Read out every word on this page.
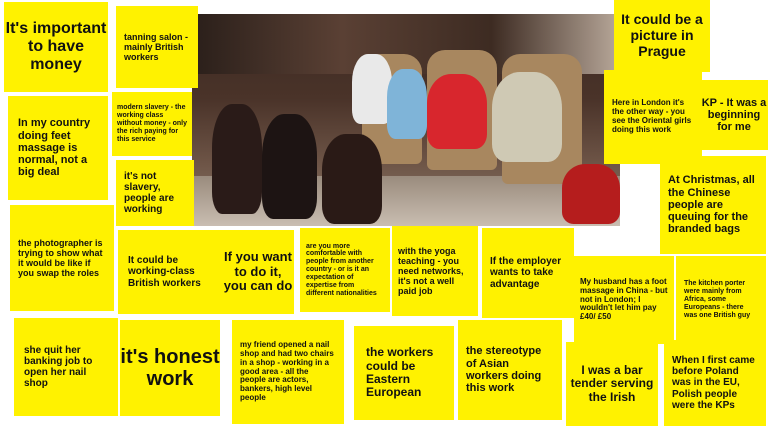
It's important to have money
tanning salon - mainly British workers
It could be a picture in Prague
In my country doing feet massage is normal, not a big deal
modern slavery - the working class without money - only the rich paying for this service
it's not slavery, people are working
Here in London it's the other way - you see the Oriental girls doing this work
KP - It was a beginning for me
At Christmas, all the Chinese people are queuing for the branded bags
the photographer is trying to show what it would be like if you swap the roles
It could be working-class British workers
If you want to do it, you can do
are you more comfortable with people from another country - or is it an expectation of expertise from different nationalities
with the yoga teaching - you need networks, it's not a well paid job
If the employer wants to take advantage	My husband has a foot massage in China - but not in London; I wouldn't let him pay £40/ £50
The kitchen porter were mainly from Africa, some Europeans - there was one British guy
she quit her banking job to open her nail shop
it's honest work
my friend opened a nail shop and had two chairs in a shop - working in a good area - all the people are actors, bankers, high level people
the workers could be Eastern European
the stereotype of Asian workers doing this work
I was a bar tender serving the Irish
When I first came before Poland was in the EU, Polish people were the KPs
